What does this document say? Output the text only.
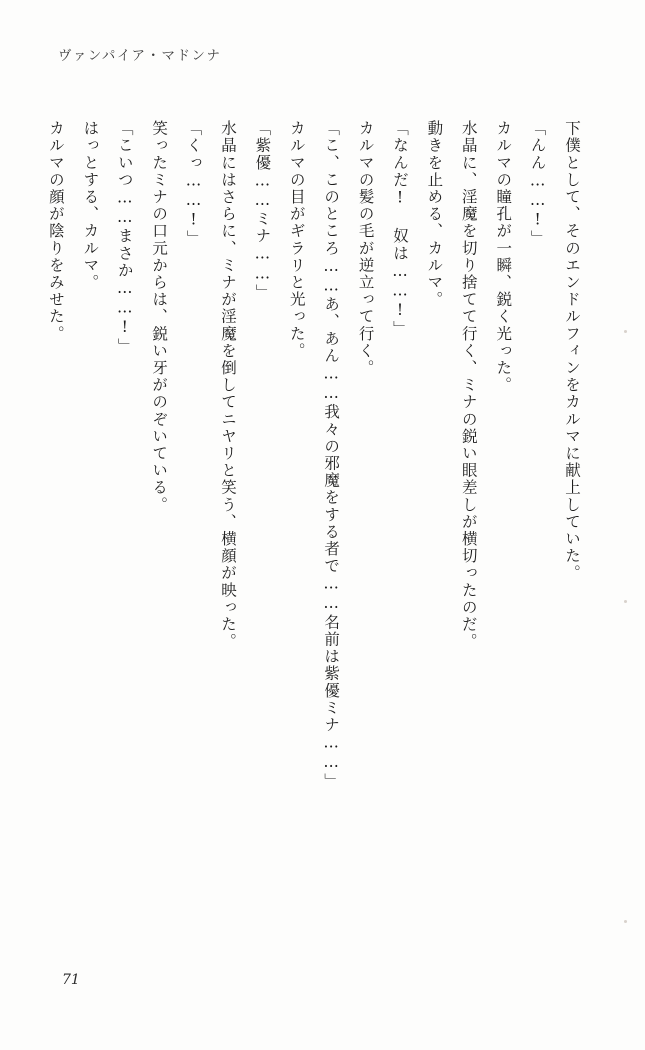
ヴァンパイア・マドンナ

下僕として、そのエンドルフィンをカルマに献上していた。

「んん……!」

カルマの瞳孔が一瞬、鋭く光った。

水晶に、淫魔を切り捨てて行く、ミナの鋭い眼差しが横切ったのだ。

動きを止める、カルマ。

「なんだ! 奴は……!」

カルマの髪の毛が逆立って行く。

「こ、このところ……あ、あん……我々の邪魔をする者で……名前は紫優ミナ……」

カルマの目がギラリと光った。

「紫優……ミナ……」

水晶にはさらに、ミナが淫魔を倒してニヤリと笑う、横顔が映った。

「くっ……!」

笑ったミナの口元からは、鋭い牙がのぞいている。

「こいつ……まさか……!」

はっとする、カルマ。

カルマの顔が陰りをみせた。

71
